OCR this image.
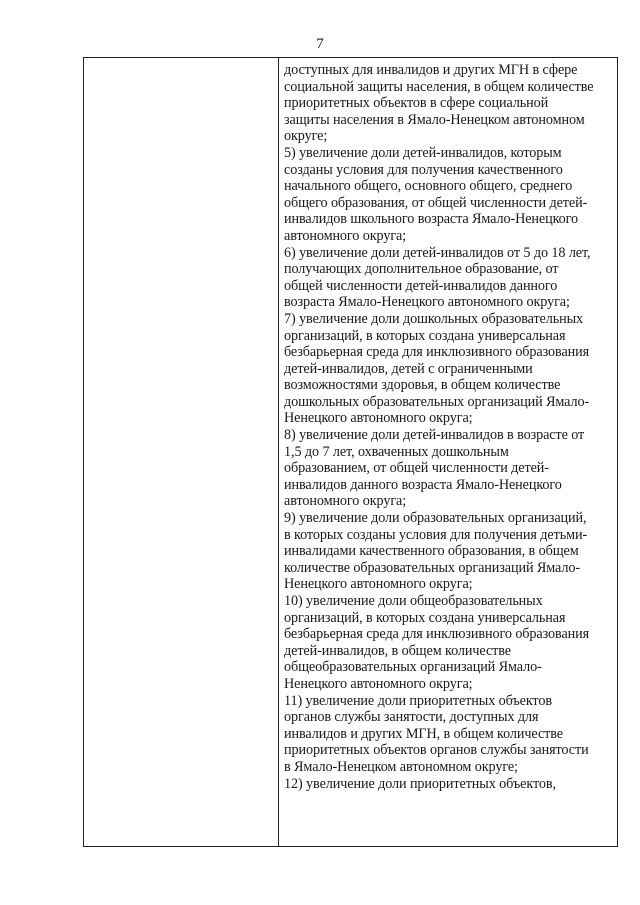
7

доступных для инвалидов и других МГН в сфере
социальной защиты населения, в общем количестве
приоритетных объектов в сфере социальной
защиты населения в Ямало-Ненецком автономном
округе;
5) увеличение доли детей-инвалидов, которым
созданы условия для получения качественного
начального общего, основного общего, среднего
общего образования, от общей численности детей-
инвалидов школьного возраста Ямало-Ненецкого
автономного округа;
6) увеличение доли детей-инвалидов от 5 до 18 лет,
получающих дополнительное образование, от
общей численности детей-инвалидов данного
возраста Ямало-Ненецкого автономного округа;
7) увеличение доли дошкольных образовательных
организаций, в которых создана универсальная
безбарьерная среда для инклюзивного образования
детей-инвалидов, детей с ограниченными
возможностями здоровья, в общем количестве
дошкольных образовательных организаций Ямало-
Ненецкого автономного округа;
8) увеличение доли детей-инвалидов в возрасте от
1,5 до 7 лет, охваченных дошкольным
образованием, от общей численности детей-
инвалидов данного возраста Ямало-Ненецкого
автономного округа;
9) увеличение доли образовательных организаций,
в которых созданы условия для получения детьми-
инвалидами качественного образования, в общем
количестве образовательных организаций Ямало-
Ненецкого автономного округа;
10) увеличение доли общеобразовательных
организаций, в которых создана универсальная
безбарьерная среда для инклюзивного образования
детей-инвалидов, в общем количестве
общеобразовательных организаций Ямало-
Ненецкого автономного округа;
11) увеличение доли приоритетных объектов
органов службы занятости, доступных для
инвалидов и других МГН, в общем количестве
приоритетных объектов органов службы занятости
в Ямало-Ненецком автономном округе;
12) увеличение доли приоритетных объектов,
